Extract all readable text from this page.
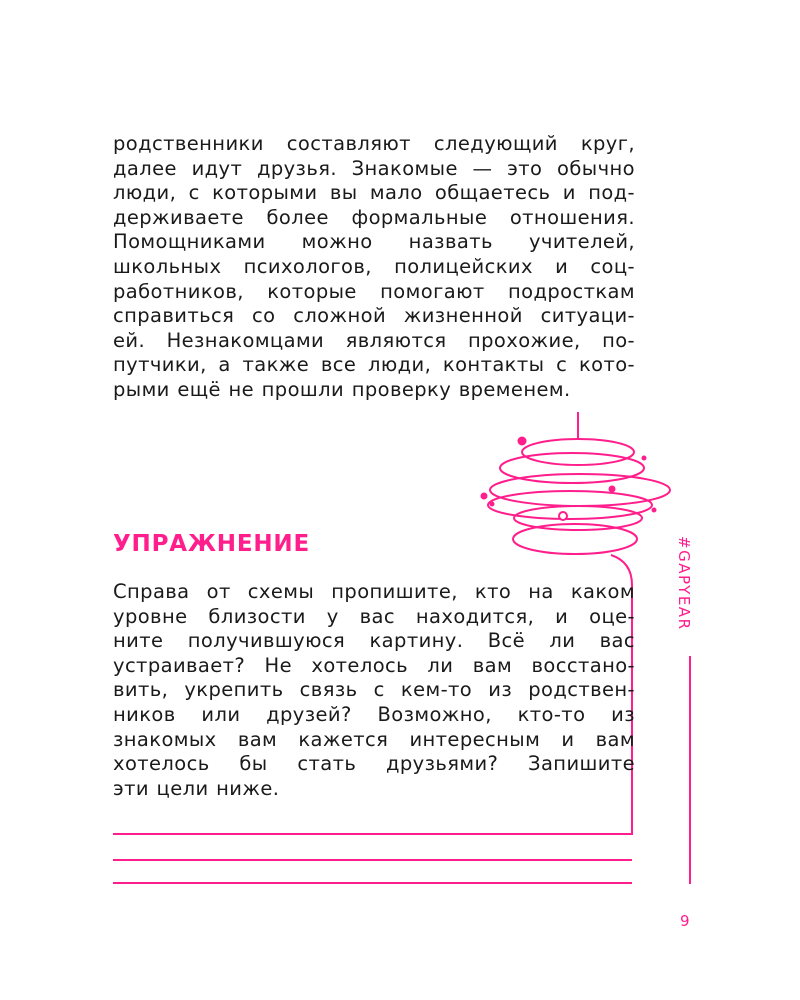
родственники составляют следующий круг,
далее идут друзья. Знакомые — это обычно
люди, с которыми вы мало общаетесь и под-
держиваете более формальные отношения.
Помощниками можно назвать учителей,
школьных психологов, полицейских и соц-
работников, которые помогают подросткам
справиться со сложной жизненной ситуаци-
ей. Незнакомцами являются прохожие, по-
путчики, а также все люди, контакты с кото-
рыми ещё не прошли проверку временем.
УПРАЖНЕНИЕ
Справа от схемы пропишите, кто на каком
уровне близости у вас находится, и оце-
ните получившуюся картину. Всё ли вас
устраивает? Не хотелось ли вам восстано-
вить, укрепить связь с кем-то из родствен-
ников или друзей? Возможно, кто-то из
знакомых вам кажется интересным и вам
хотелось бы стать друзьями? Запишите
эти цели ниже.
#GAPYEAR
9
